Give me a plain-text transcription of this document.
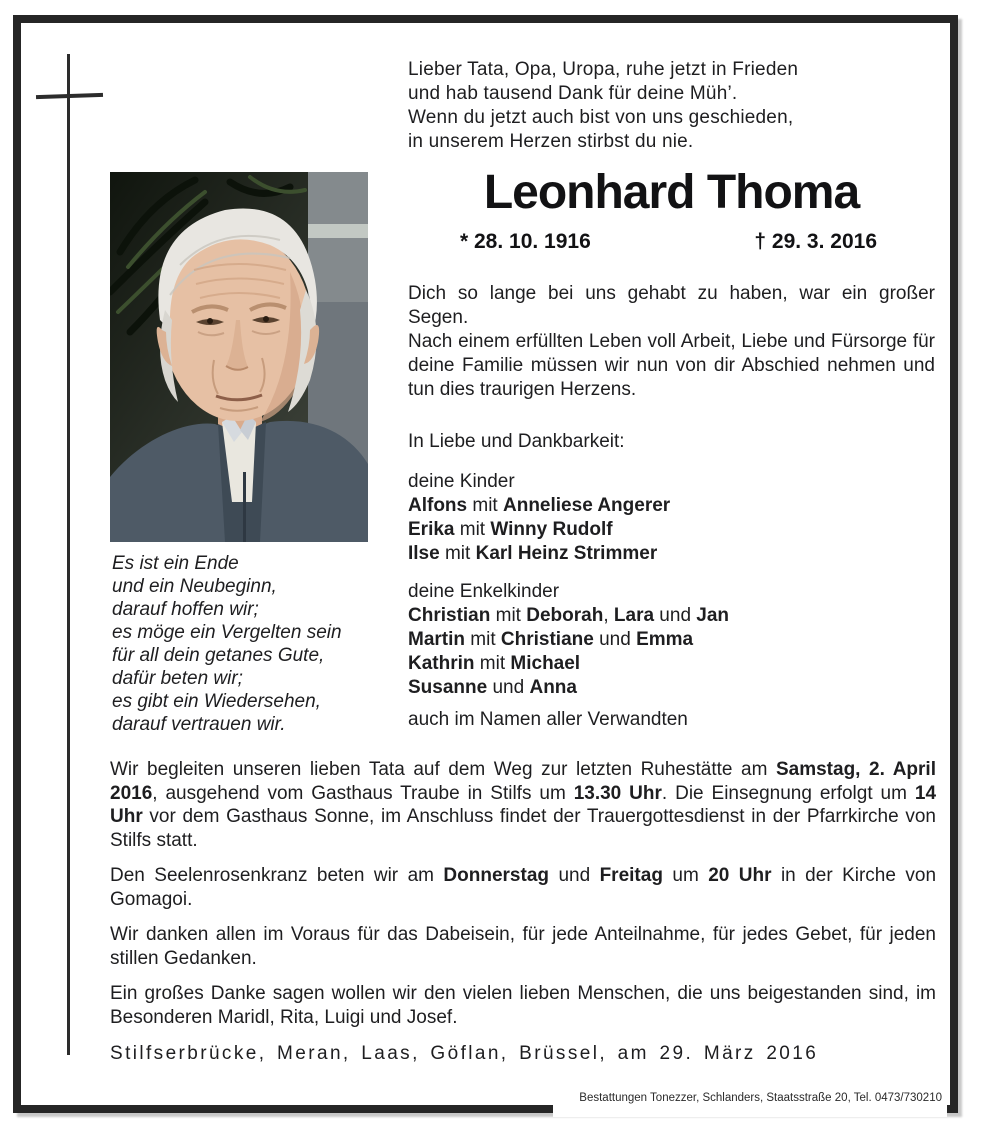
Lieber Tata, Opa, Uropa, ruhe jetzt in Frieden
und hab tausend Dank für deine Müh’.
Wenn du jetzt auch bist von uns geschieden,
in unserem Herzen stirbst du nie.
Leonhard Thoma
* 28. 10. 1916	† 29. 3. 2016

Dich so lange bei uns gehabt zu haben, war ein großer Segen.

Nach einem erfüllten Leben voll Arbeit, Liebe und Fürsorge für deine Familie müssen wir nun von dir Abschied nehmen und tun dies traurigen Herzens.

In Liebe und Dankbarkeit:
deine Kinder
Alfons mit Anneliese Angerer
Erika mit Winny Rudolf
Ilse mit Karl Heinz Strimmer
deine Enkelkinder
Christian mit Deborah, Lara und Jan
Martin mit Christiane und Emma
Kathrin mit Michael
Susanne und Anna
auch im Namen aller Verwandten
Es ist ein Ende
und ein Neubeginn,
darauf hoffen wir;
es möge ein Vergelten sein
für all dein getanes Gute,
dafür beten wir;
es gibt ein Wiedersehen,
darauf vertrauen wir.

Wir begleiten unseren lieben Tata auf dem Weg zur letzten Ruhestätte am Samstag, 2. April 2016, ausgehend vom Gasthaus Traube in Stilfs um 13.30 Uhr. Die Einsegnung erfolgt um 14 Uhr vor dem Gasthaus Sonne, im Anschluss findet der Trauergottesdienst in der Pfarrkirche von Stilfs statt.

Den Seelenrosenkranz beten wir am Donnerstag und Freitag um 20 Uhr in der Kirche von Gomagoi.

Wir danken allen im Voraus für das Dabeisein, für jede Anteilnahme, für jedes Gebet, für jeden stillen Gedanken.

Ein großes Danke sagen wollen wir den vielen lieben Menschen, die uns beigestanden sind, im Besonderen Maridl, Rita, Luigi und Josef.

Stilfserbrücke, Meran, Laas, Göflan, Brüssel, am 29. März 2016
Bestattungen Tonezzer, Schlanders, Staatsstraße 20, Tel. 0473/730210
